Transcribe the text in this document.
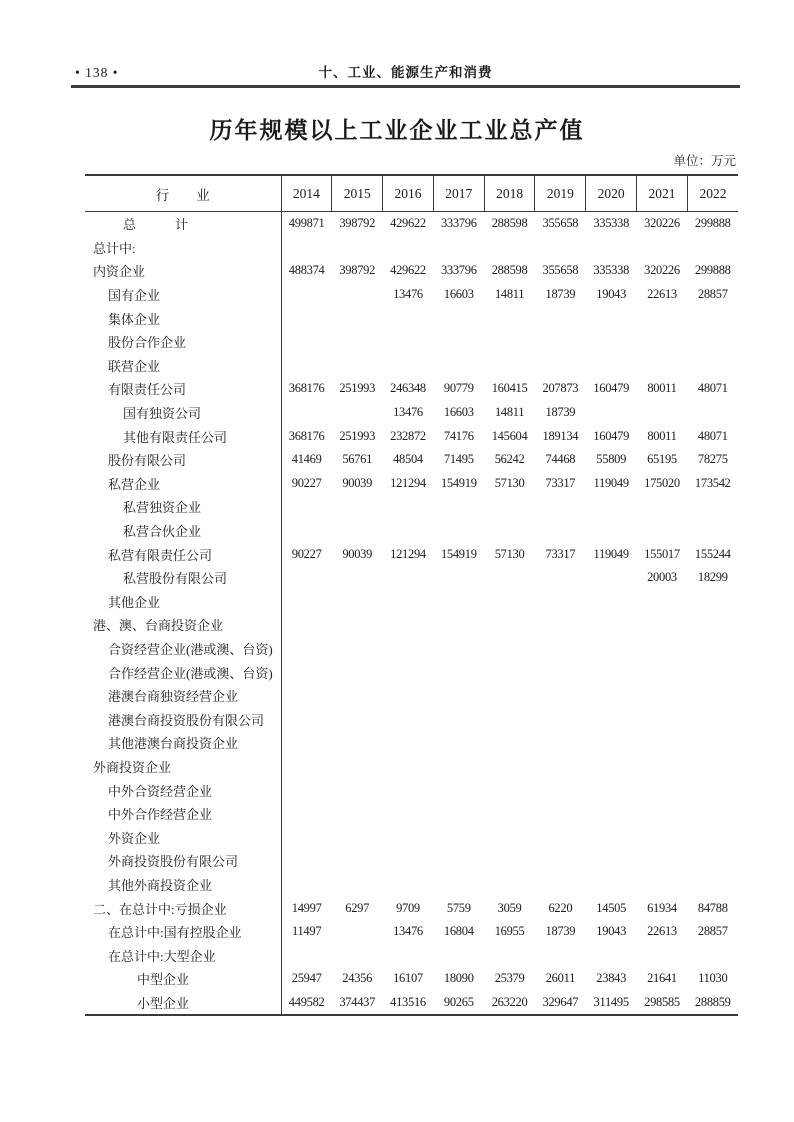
• 138 •	十、工业、能源生产和消费
历年规模以上工业企业工业总产值
单位：万元
行　　业	2014	2015	2016	2017	2018	2019	2020	2021	2022
总　　　计	499871	398792	429622	333796	288598	355658	335338	320226	299888
总计中:									
内资企业	488374	398792	429622	333796	288598	355658	335338	320226	299888
国有企业			13476	16603	14811	18739	19043	22613	28857
集体企业									
股份合作企业									
联营企业									
有限责任公司	368176	251993	246348	90779	160415	207873	160479	80011	48071
国有独资公司			13476	16603	14811	18739			
其他有限责任公司	368176	251993	232872	74176	145604	189134	160479	80011	48071
股份有限公司	41469	56761	48504	71495	56242	74468	55809	65195	78275
私营企业	90227	90039	121294	154919	57130	73317	119049	175020	173542
私营独资企业									
私营合伙企业									
私营有限责任公司	90227	90039	121294	154919	57130	73317	119049	155017	155244
私营股份有限公司								20003	18299
其他企业									
港、澳、台商投资企业									
合资经营企业(港或澳、台资)									
合作经营企业(港或澳、台资)									
港澳台商独资经营企业									
港澳台商投资股份有限公司									
其他港澳台商投资企业									
外商投资企业									
中外合资经营企业									
中外合作经营企业									
外资企业									
外商投资股份有限公司									
其他外商投资企业									
二、在总计中:亏损企业	14997	6297	9709	5759	3059	6220	14505	61934	84788
在总计中:国有控股企业	11497		13476	16804	16955	18739	19043	22613	28857
在总计中:大型企业									
中型企业	25947	24356	16107	18090	25379	26011	23843	21641	11030
小型企业	449582	374437	413516	90265	263220	329647	311495	298585	288859
